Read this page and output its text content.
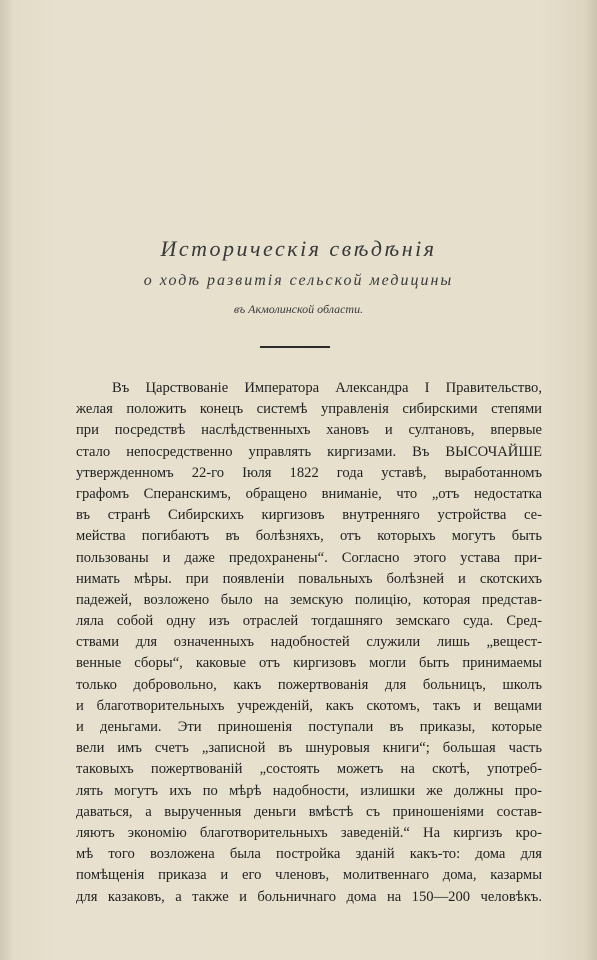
Историческiя свѣдѣнiя
о ходѣ развитiя сельской медицины
въ Акмолинской области.
Въ Царствованiе Императора Александра I Правительство,
желая положить конецъ системѣ управленiя сибирскими степями
при посредствѣ наслѣдственныхъ хановъ и султановъ, впервые
стало непосредственно управлять киргизами. Въ ВЫСОЧАЙШЕ
утвержденномъ 22-го Iюля 1822 года уставѣ, выработанномъ
графомъ Сперанскимъ, обращено вниманiе, что „отъ недостатка
въ странѣ Сибирскихъ киргизовъ внутренняго устройства се-
мейства погибаютъ въ болѣзняхъ, отъ которыхъ могутъ быть
пользованы и даже предохранены“. Согласно этого устава при-
нимать мѣры. при появленiи повальныхъ болѣзней и скотскихъ
падежей, возложено было на земскую полицiю, которая представ-
ляла собой одну изъ отраслей тогдашняго земскаго суда. Сред-
ствами для означенныхъ надобностей служили лишь „вещест-
венные сборы“, каковые отъ киргизовъ могли быть принимаемы
только добровольно, какъ пожертвованiя для больницъ, школъ
и благотворительныхъ учрежденiй, какъ скотомъ, такъ и вещами
и деньгами. Эти приношенiя поступали въ приказы, которые
вели имъ счетъ „записной въ шнуровыя книги“; большая часть
таковыхъ пожертвованiй „состоять можетъ на скотѣ, употреб-
лять могутъ ихъ по мѣрѣ надобности, излишки же должны про-
даваться, а вырученныя деньги вмѣстѣ съ приношенiями состав-
ляютъ экономiю благотворительныхъ заведенiй.“ На киргизъ кро-
мѣ того возложена была постройка зданiй какъ-то: дома для
помѣщенiя приказа и его членовъ, молитвеннаго дома, казармы
для казаковъ, а также и больничнаго дома на 150—200 человѣкъ.
